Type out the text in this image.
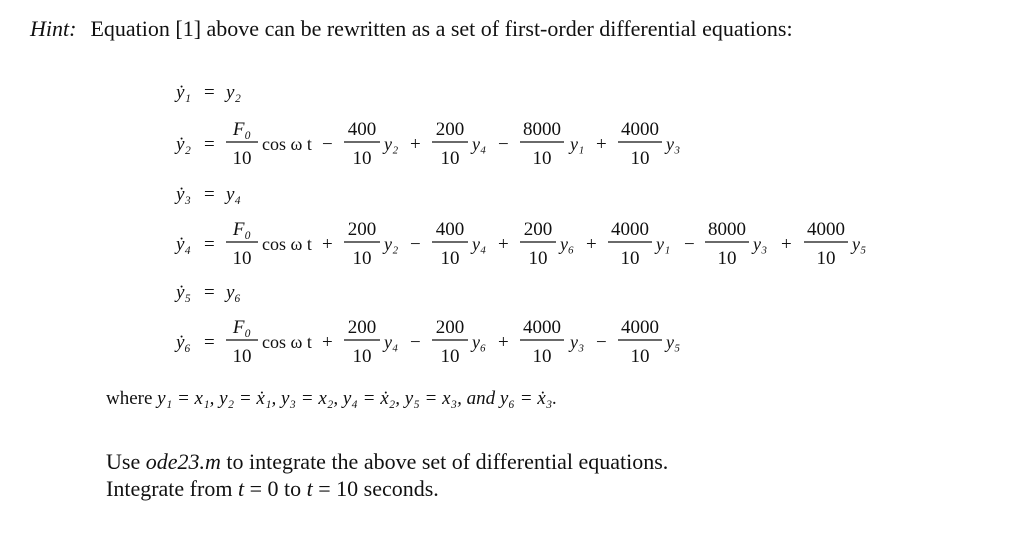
Hint: Equation [1] above can be rewritten as a set of first-order differential equations:
ẏ₁ = y₂
ẏ₂ =
F₀
10
cos ω t −
400
10
y₂ +
200
10
y₄ −
8000
10
y₁ +
4000
10
y₃
ẏ₃ = y₄
ẏ₄ =
F₀
10
cos ω t +
200
10
y₂ −
400
10
y₄ +
200
10
y₆ +
4000
10
y₁ −
8000
10
y₃ +
4000
10
y₅
ẏ₅ = y₆
ẏ₆ =
F₀
10
cos ω t +
200
10
y₄ −
200
10
y₆ +
4000
10
y₃ −
4000
10
y₅
where y₁ = x₁, y₂ = ẋ₁, y₃ = x₂, y₄ = ẋ₂, y₅ = x₃, and y₆ = ẋ₃.
Use ode23.m to integrate the above set of differential equations.
Integrate from t = 0 to t = 10 seconds.
